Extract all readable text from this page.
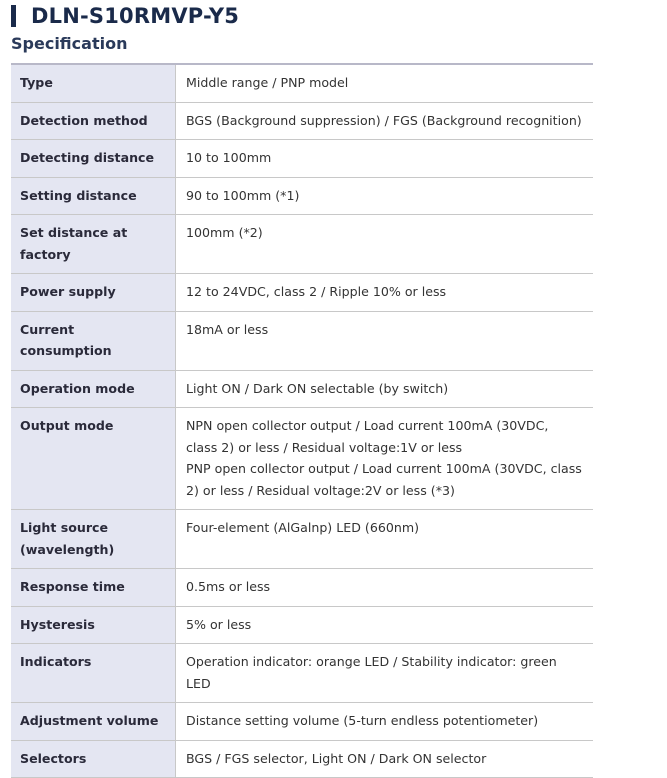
DLN-S10RMVP-Y5
Specification
Type	Middle range / PNP model

Detection method	BGS (Background suppression) / FGS (Background recognition)

Detecting distance	10 to 100mm

Setting distance	90 to 100mm (*1)

Set distance at factory	100mm (*2)

Power supply	12 to 24VDC, class 2 / Ripple 10% or less

Current consumption	18mA or less

Operation mode	Light ON / Dark ON selectable (by switch)

Output mode	NPN open collector output / Load current 100mA (30VDC, class 2) or less / Residual voltage:1V or less
PNP open collector output / Load current 100mA (30VDC, class 2) or less / Residual voltage:2V or less (*3)

Light source (wavelength)	Four-element (AlGalnp) LED (660nm)

Response time	0.5ms or less

Hysteresis	5% or less

Indicators	Operation indicator: orange LED / Stability indicator: green LED

Adjustment volume	Distance setting volume (5-turn endless potentiometer)

Selectors	BGS / FGS selector, Light ON / Dark ON selector
